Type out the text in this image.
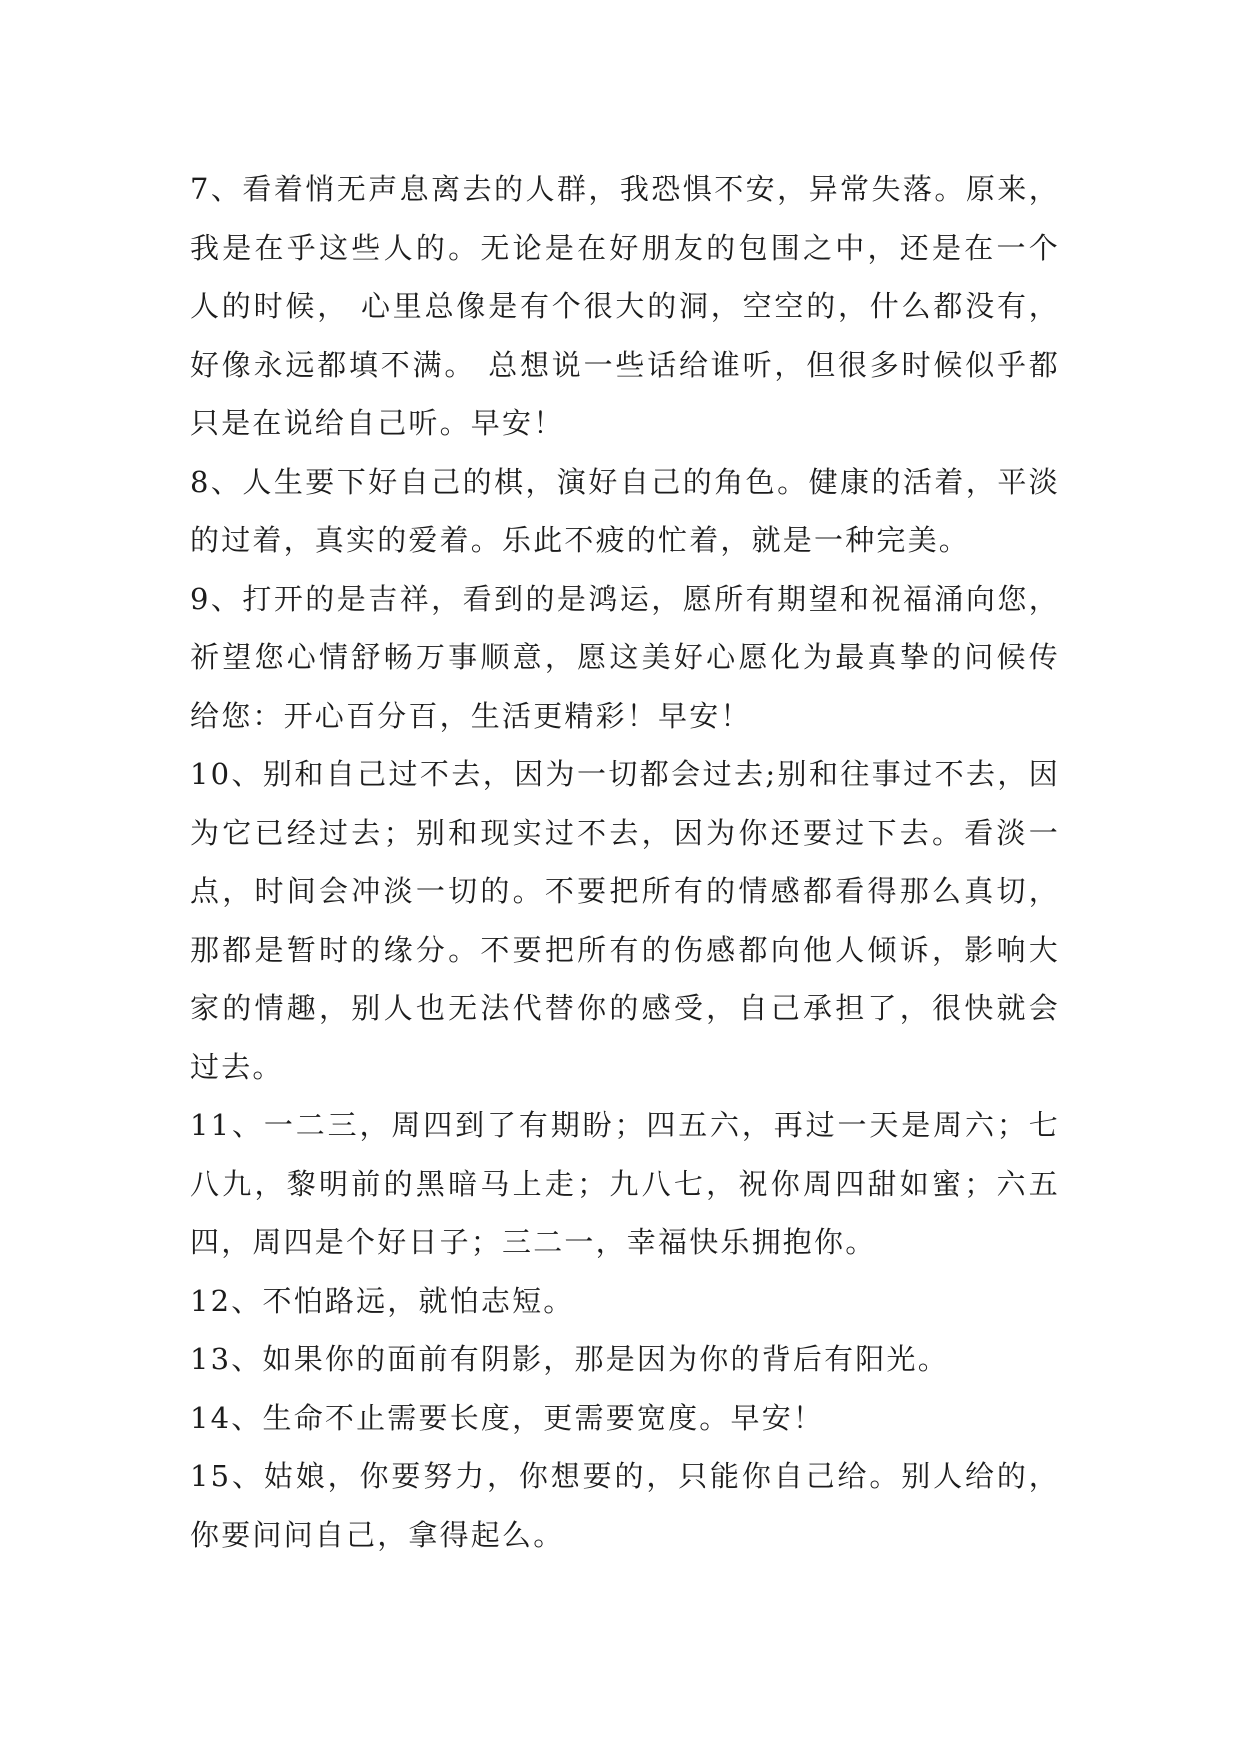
7、看着悄无声息离去的人群，我恐惧不安，异常失落。原来，我是在乎这些人的。无论是在好朋友的包围之中，还是在一个人的时候， 心里总像是有个很大的洞，空空的，什么都没有，好像永远都填不满。 总想说一些话给谁听，但很多时候似乎都只是在说给自己听。早安！

8、人生要下好自己的棋，演好自己的角色。健康的活着，平淡的过着，真实的爱着。乐此不疲的忙着，就是一种完美。

9、打开的是吉祥，看到的是鸿运，愿所有期望和祝福涌向您，祈望您心情舒畅万事顺意，愿这美好心愿化为最真挚的问候传给您：开心百分百，生活更精彩！早安！

10、别和自己过不去，因为一切都会过去;别和往事过不去，因为它已经过去；别和现实过不去，因为你还要过下去。看淡一点，时间会冲淡一切的。不要把所有的情感都看得那么真切，那都是暂时的缘分。不要把所有的伤感都向他人倾诉，影响大家的情趣，别人也无法代替你的感受，自己承担了，很快就会过去。

11、一二三，周四到了有期盼；四五六，再过一天是周六；七八九，黎明前的黑暗马上走；九八七，祝你周四甜如蜜；六五四，周四是个好日子；三二一，幸福快乐拥抱你。

12、不怕路远，就怕志短。

13、如果你的面前有阴影，那是因为你的背后有阳光。

14、生命不止需要长度，更需要宽度。早安！

15、姑娘，你要努力，你想要的，只能你自己给。别人给的，你要问问自己，拿得起么。
